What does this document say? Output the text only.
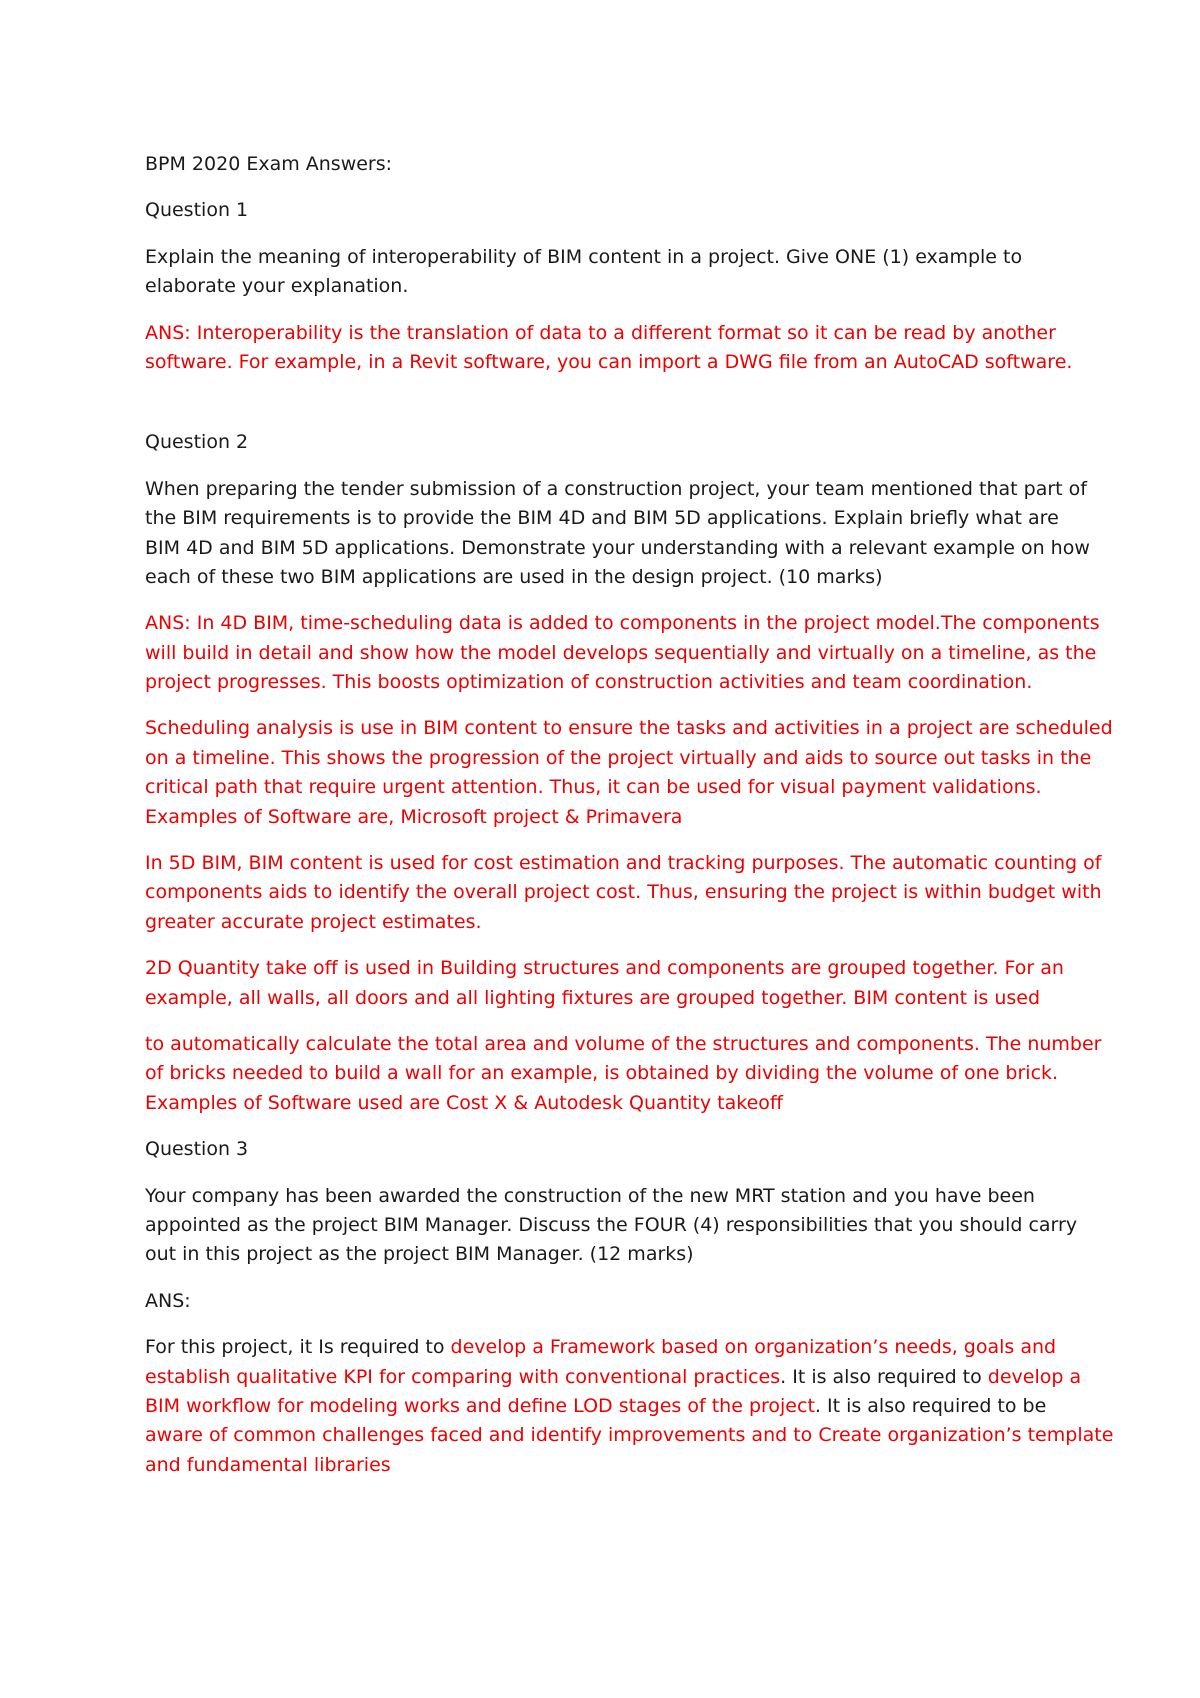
BPM 2020 Exam Answers:
Question 1
Explain the meaning of interoperability of BIM content in a project. Give ONE (1) example to
elaborate your explanation.
ANS: Interoperability is the translation of data to a different format so it can be read by another
software. For example, in a Revit software, you can import a DWG file from an AutoCAD software.
Question 2
When preparing the tender submission of a construction project, your team mentioned that part of
the BIM requirements is to provide the BIM 4D and BIM 5D applications. Explain briefly what are
BIM 4D and BIM 5D applications. Demonstrate your understanding with a relevant example on how
each of these two BIM applications are used in the design project. (10 marks)
ANS: In 4D BIM, time-scheduling data is added to components in the project model.The components
will build in detail and show how the model develops sequentially and virtually on a timeline, as the
project progresses. This boosts optimization of construction activities and team coordination.
Scheduling analysis is use in BIM content to ensure the tasks and activities in a project are scheduled
on a timeline. This shows the progression of the project virtually and aids to source out tasks in the
critical path that require urgent attention. Thus, it can be used for visual payment validations.
Examples of Software are, Microsoft project & Primavera
In 5D BIM, BIM content is used for cost estimation and tracking purposes. The automatic counting of
components aids to identify the overall project cost. Thus, ensuring the project is within budget with
greater accurate project estimates.
2D Quantity take off is used in Building structures and components are grouped together. For an
example, all walls, all doors and all lighting fixtures are grouped together. BIM content is used
to automatically calculate the total area and volume of the structures and components. The number
of bricks needed to build a wall for an example, is obtained by dividing the volume of one brick.
Examples of Software used are Cost X & Autodesk Quantity takeoff
Question 3
Your company has been awarded the construction of the new MRT station and you have been
appointed as the project BIM Manager. Discuss the FOUR (4) responsibilities that you should carry
out in this project as the project BIM Manager. (12 marks)
ANS:
For this project, it Is required to develop a Framework based on organization’s needs, goals and
establish qualitative KPI for comparing with conventional practices. It is also required to develop a
BIM workflow for modeling works and define LOD stages of the project. It is also required to be
aware of common challenges faced and identify improvements and to Create organization’s template
and fundamental libraries
